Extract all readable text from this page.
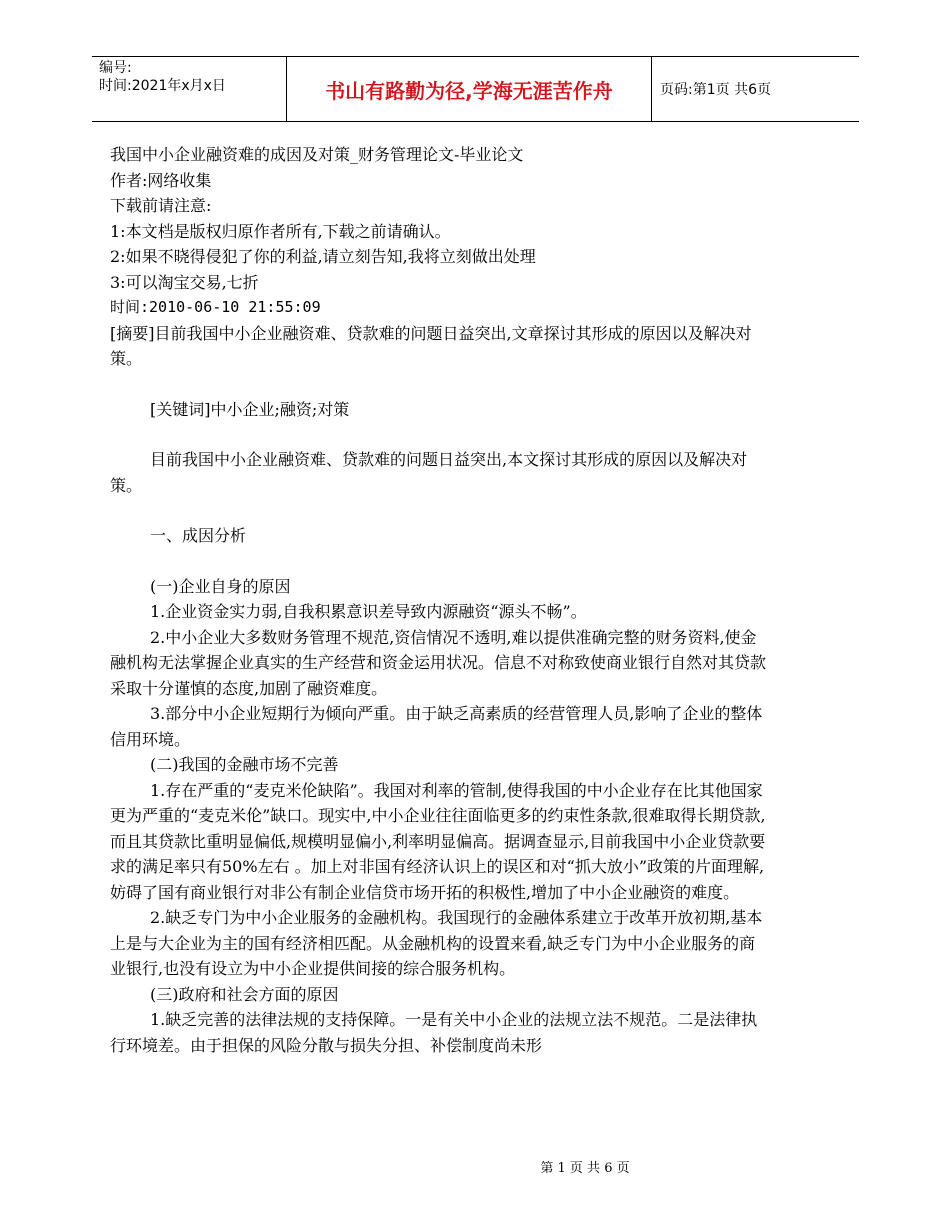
编号:
时间:2021年x月x日	书山有路勤为径,学海无涯苦作舟	页码:第1页 共6页

我国中小企业融资难的成因及对策_财务管理论文-毕业论文

作者:网络收集

下载前请注意:

1:本文档是版权归原作者所有,下载之前请确认。

2:如果不晓得侵犯了你的利益,请立刻告知,我将立刻做出处理

3:可以淘宝交易,七折

时间:2010-06-10 21:55:09

[摘要]目前我国中小企业融资难、贷款难的问题日益突出,文章探讨其形成的原因以及解决对策。

[关键词]中小企业;融资;对策

目前我国中小企业融资难、贷款难的问题日益突出,本文探讨其形成的原因以及解决对策。

一、成因分析

(一)企业自身的原因

1.企业资金实力弱,自我积累意识差导致内源融资“源头不畅”。

2.中小企业大多数财务管理不规范,资信情况不透明,难以提供准确完整的财务资料,使金融机构无法掌握企业真实的生产经营和资金运用状况。信息不对称致使商业银行自然对其贷款采取十分谨慎的态度,加剧了融资难度。

3.部分中小企业短期行为倾向严重。由于缺乏高素质的经营管理人员,影响了企业的整体信用环境。

(二)我国的金融市场不完善

1.存在严重的“麦克米伦缺陷”。我国对利率的管制,使得我国的中小企业存在比其他国家更为严重的“麦克米伦”缺口。现实中,中小企业往往面临更多的约束性条款,很难取得长期贷款,而且其贷款比重明显偏低,规模明显偏小,利率明显偏高。据调查显示,目前我国中小企业贷款要求的满足率只有50%左右 。加上对非国有经济认识上的误区和对“抓大放小”政策的片面理解,妨碍了国有商业银行对非公有制企业信贷市场开拓的积极性,增加了中小企业融资的难度。

2.缺乏专门为中小企业服务的金融机构。我国现行的金融体系建立于改革开放初期,基本上是与大企业为主的国有经济相匹配。从金融机构的设置来看,缺乏专门为中小企业服务的商业银行,也没有设立为中小企业提供间接的综合服务机构。

(三)政府和社会方面的原因

1.缺乏完善的法律法规的支持保障。一是有关中小企业的法规立法不规范。二是法律执行环境差。由于担保的风险分散与损失分担、补偿制度尚未形

第 1 页 共 6 页
